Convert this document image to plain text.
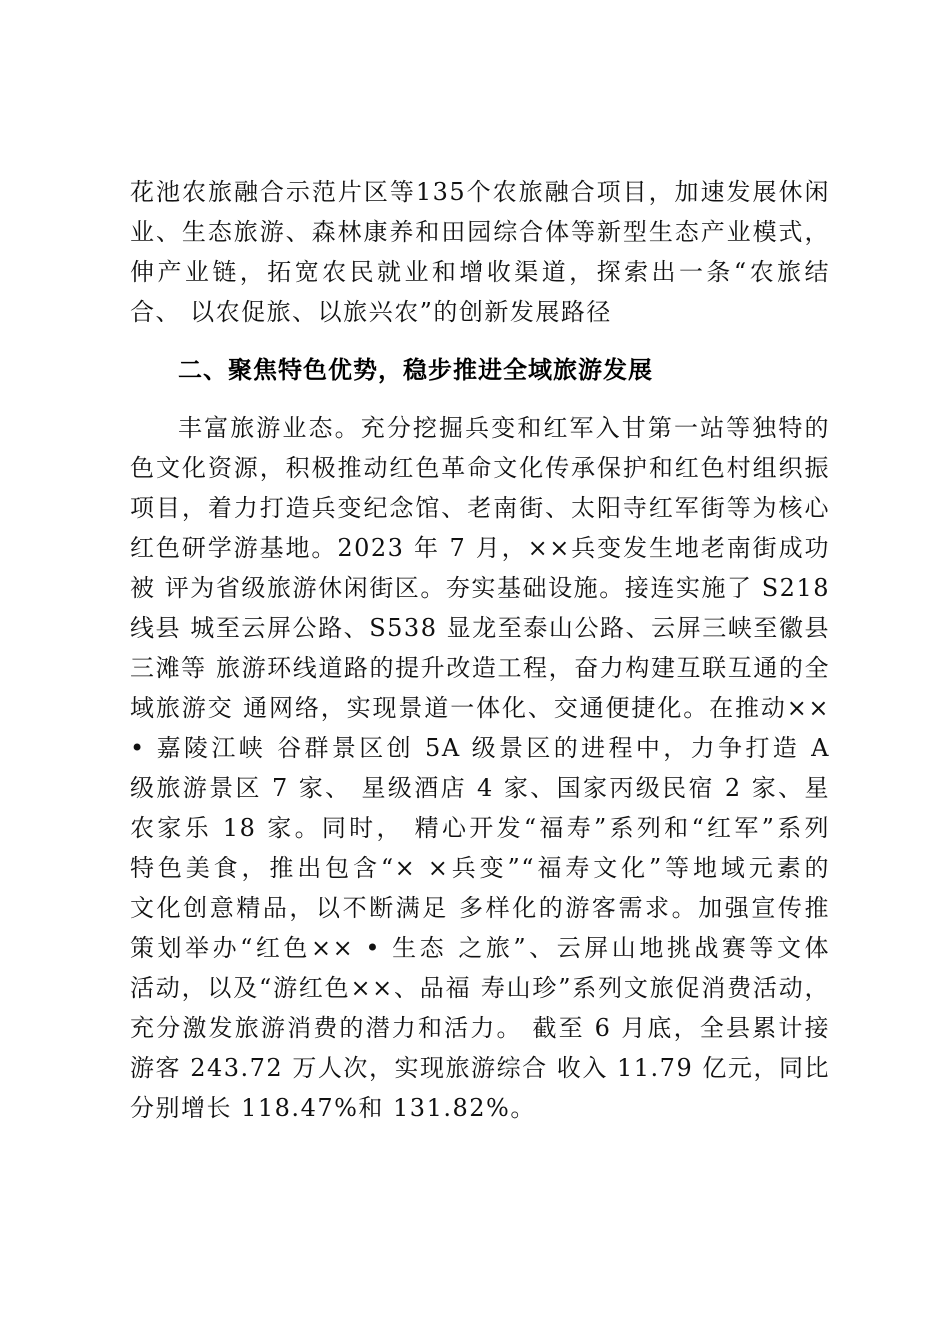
花池农旅融合示范片区等135个农旅融合项目，加速发展休闲
业、生态旅游、森林康养和田园综合体等新型生态产业模式，
伸产业链，拓宽农民就业和增收渠道，探索出一条“农旅结
合、 以农促旅、以旅兴农”的创新发展路径
二、聚焦特色优势，稳步推进全域旅游发展
丰富旅游业态。充分挖掘兵变和红军入甘第一站等独特的
色文化资源，积极推动红色革命文化传承保护和红色村组织振
项目，着力打造兵变纪念馆、老南街、太阳寺红军街等为核心
红色研学游基地。2023 年 7 月，××兵变发生地老南街成功
被 评为省级旅游休闲街区。夯实基础设施。接连实施了 S218
线县 城至云屏公路、S538 显龙至泰山公路、云屏三峡至徽县
三滩等 旅游环线道路的提升改造工程，奋力构建互联互通的全
域旅游交 通网络，实现景道一体化、交通便捷化。在推动××
• 嘉陵江峡 谷群景区创 5A 级景区的进程中，力争打造 A
级旅游景区 7 家、 星级酒店 4 家、国家丙级民宿 2 家、星
农家乐 18 家。同时， 精心开发“福寿”系列和“红军”系列
特色美食，推出包含“× ×兵变”“福寿文化”等地域元素的
文化创意精品，以不断满足 多样化的游客需求。加强宣传推
策划举办“红色×× • 生态 之旅”、云屏山地挑战赛等文体
活动，以及“游红色××、品福 寿山珍”系列文旅促消费活动，
充分激发旅游消费的潜力和活力。 截至 6 月底，全县累计接
游客 243.72 万人次，实现旅游综合 收入 11.79 亿元，同比
分别增长 118.47%和 131.82%。
